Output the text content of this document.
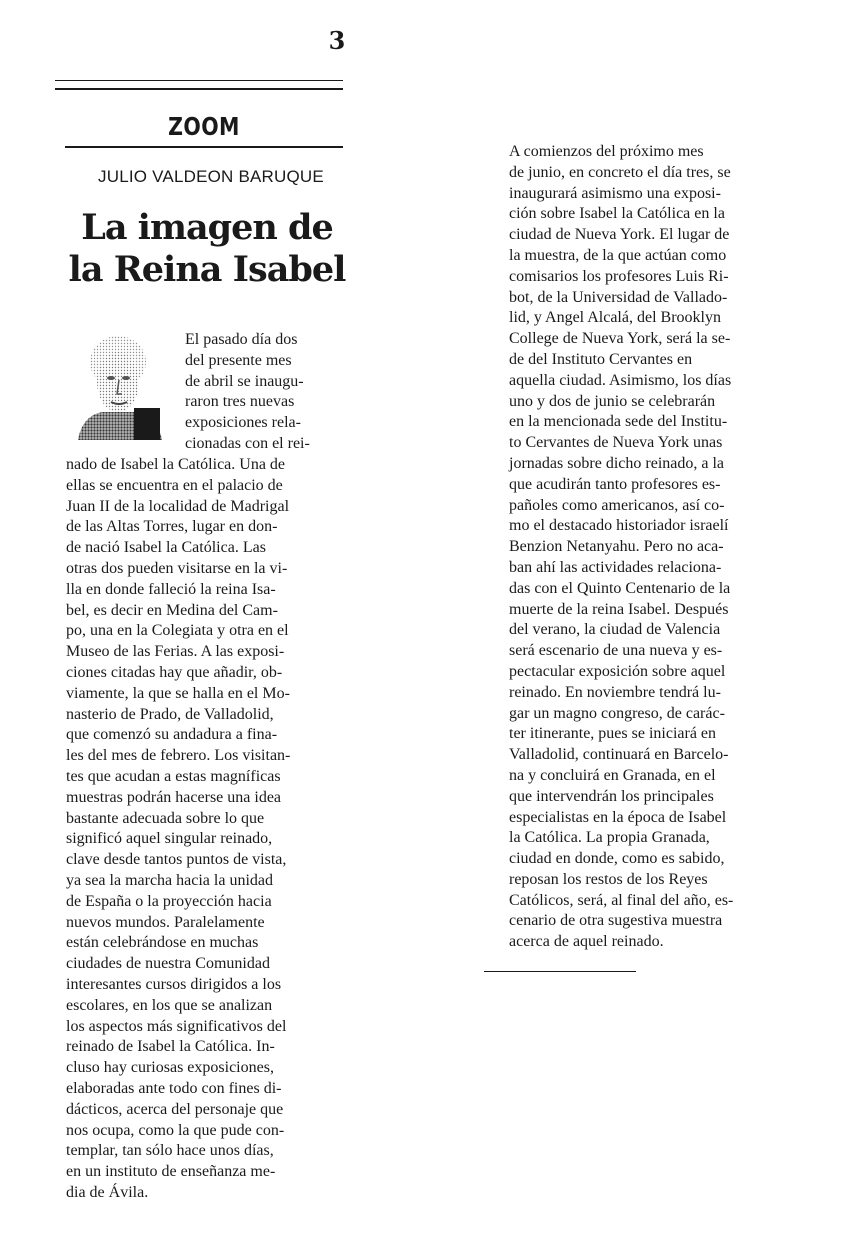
3
ZOOM
JULIO VALDEON BARUQUE
La imagen de
la Reina Isabel

El pasado día dos
del presente mes
de abril se inaugu-
raron tres nuevas
exposiciones rela-
cionadas con el rei-

nado de Isabel la Católica. Una de
ellas se encuentra en el palacio de
Juan II de la localidad de Madrigal
de las Altas Torres, lugar en don-
de nació Isabel la Católica. Las
otras dos pueden visitarse en la vi-
lla en donde falleció la reina Isa-
bel, es decir en Medina del Cam-
po, una en la Colegiata y otra en el
Museo de las Ferias. A las exposi-
ciones citadas hay que añadir, ob-
viamente, la que se halla en el Mo-
nasterio de Prado, de Valladolid,
que comenzó su andadura a fina-
les del mes de febrero. Los visitan-
tes que acudan a estas magníficas
muestras podrán hacerse una idea
bastante adecuada sobre lo que
significó aquel singular reinado,
clave desde tantos puntos de vista,
ya sea la marcha hacia la unidad
de España o la proyección hacia
nuevos mundos. Paralelamente
están celebrándose en muchas
ciudades de nuestra Comunidad
interesantes cursos dirigidos a los
escolares, en los que se analizan
los aspectos más significativos del
reinado de Isabel la Católica. In-
cluso hay curiosas exposiciones,
elaboradas ante todo con fines di-
dácticos, acerca del personaje que
nos ocupa, como la que pude con-
templar, tan sólo hace unos días,
en un instituto de enseñanza me-
dia de Ávila.

A comienzos del próximo mes
de junio, en concreto el día tres, se
inaugurará asimismo una exposi-
ción sobre Isabel la Católica en la
ciudad de Nueva York. El lugar de
la muestra, de la que actúan como
comisarios los profesores Luis Ri-
bot, de la Universidad de Vallado-
lid, y Angel Alcalá, del Brooklyn
College de Nueva York, será la se-
de del Instituto Cervantes en
aquella ciudad. Asimismo, los días
uno y dos de junio se celebrarán
en la mencionada sede del Institu-
to Cervantes de Nueva York unas
jornadas sobre dicho reinado, a la
que acudirán tanto profesores es-
pañoles como americanos, así co-
mo el destacado historiador israelí
Benzion Netanyahu. Pero no aca-
ban ahí las actividades relaciona-
das con el Quinto Centenario de la
muerte de la reina Isabel. Después
del verano, la ciudad de Valencia
será escenario de una nueva y es-
pectacular exposición sobre aquel
reinado. En noviembre tendrá lu-
gar un magno congreso, de carác-
ter itinerante, pues se iniciará en
Valladolid, continuará en Barcelo-
na y concluirá en Granada, en el
que intervendrán los principales
especialistas en la época de Isabel
la Católica. La propia Granada,
ciudad en donde, como es sabido,
reposan los restos de los Reyes
Católicos, será, al final del año, es-
cenario de otra sugestiva muestra
acerca de aquel reinado.
